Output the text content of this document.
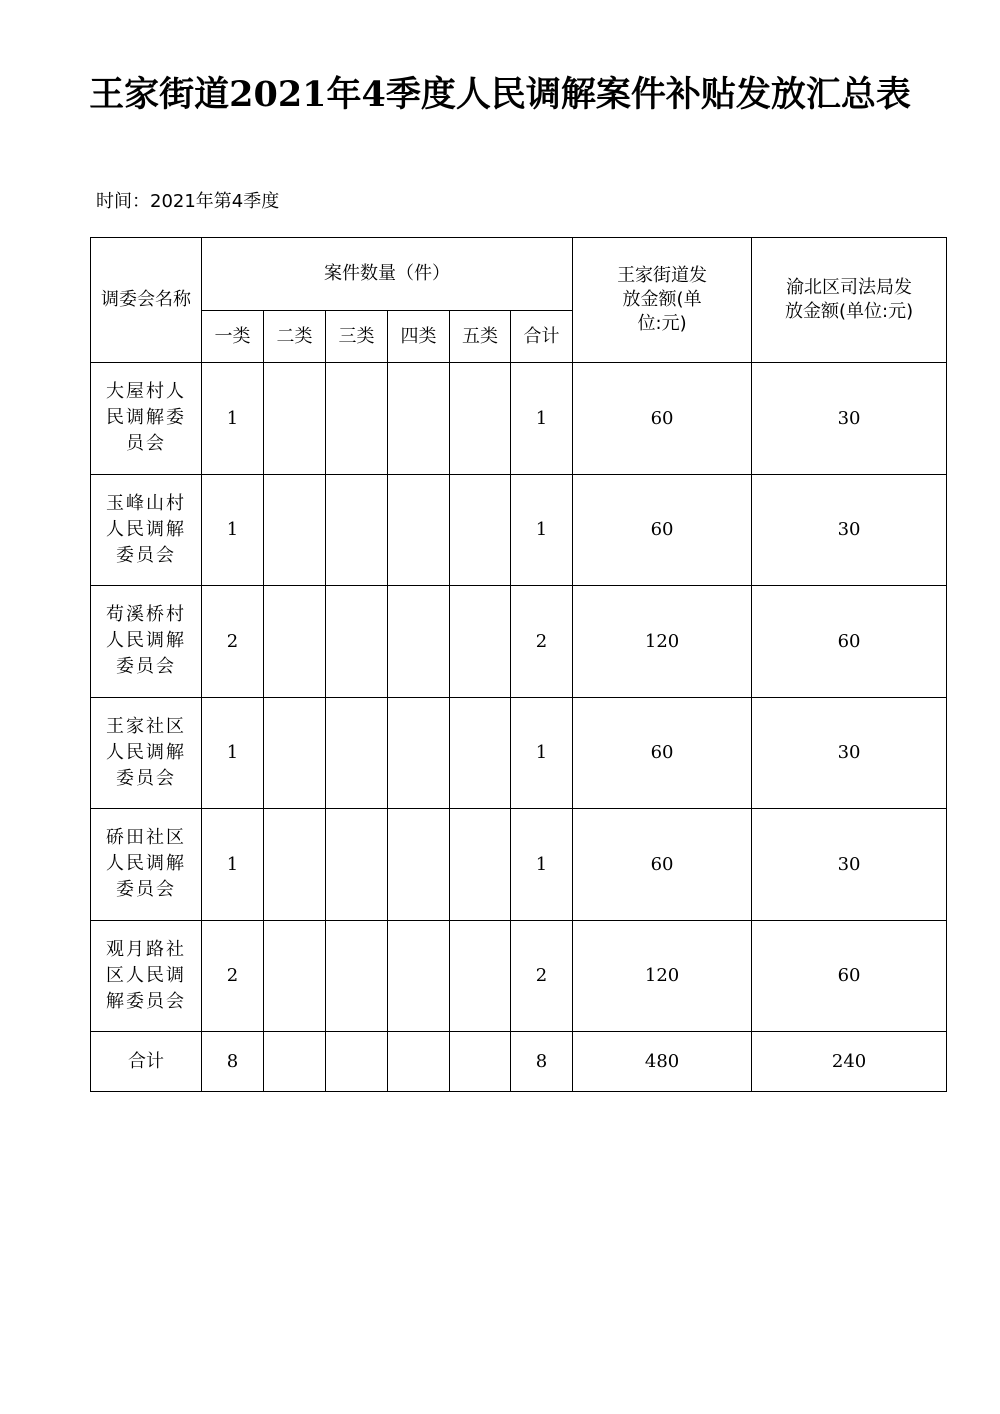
王家街道2021年4季度人民调解案件补贴发放汇总表
时间：2021年第4季度
调委会名称	案件数量（件）						王家街道发放金额(单位:元)	渝北区司法局发放金额(单位:元)
	一类	二类	三类	四类	五类	合计		
大屋村人民调解委员会	1					1	60	30
玉峰山村人民调解委员会	1					1	60	30
苟溪桥村人民调解委员会	2					2	120	60
王家社区人民调解委员会	1					1	60	30
硚田社区人民调解委员会	1					1	60	30
观月路社区人民调解委员会	2					2	120	60
合计	8					8	480	240
